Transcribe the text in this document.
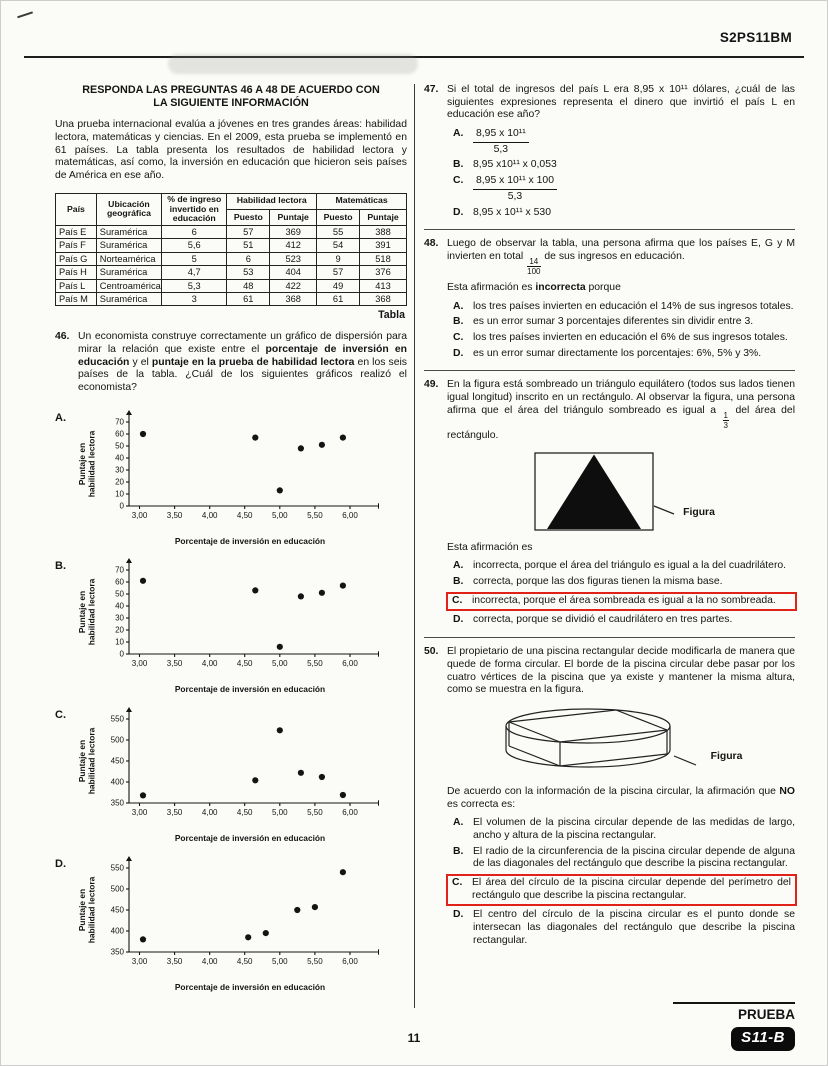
S2PS11BM
RESPONDA LAS PREGUNTAS 46 A 48 DE ACUERDO CON
LA SIGUIENTE INFORMACIÓN

Una prueba internacional evalúa a jóvenes en tres grandes áreas: habilidad lectora, matemáticas y ciencias. En el 2009, esta prueba se implementó en 61 países. La tabla presenta los resultados de habilidad lectora y matemáticas, así como, la inversión en educación que hicieron seis países de América en ese año.

País	Ubicación geográfica	% de ingreso invertido en educación	Habilidad lectora		Matemáticas	
			Puesto	Puntaje	Puesto	Puntaje
País E	Suramérica	6	57	369	55	388
País F	Suramérica	5,6	51	412	54	391
País G	Norteamérica	5	6	523	9	518
País H	Suramérica	4,7	53	404	57	376
País L	Centroamérica	5,3	48	422	49	413
País M	Suramérica	3	61	368	61	368
Tabla
46. Un economista construye correctamente un gráfico de dispersión para mirar la relación que existe entre el porcentaje de inversión en educación y el puntaje en la prueba de habilidad lectora en los seis países de la tabla. ¿Cuál de los siguientes gráficos realizó el economista?

A.
0
10
20
30
40
50
60
70
3,00 3,50 4,00 4,50 5,00 5,50 6,00
Porcentaje de inversión en educación
Puntaje enhabilidad lectora
B.
0
10
20
30
40
50
60
70
3,00 3,50 4,00 4,50 5,00 5,50 6,00
Porcentaje de inversión en educación
Puntaje enhabilidad lectora
C.
350
400
450
500
550
3,00 3,50 4,00 4,50 5,00 5,50 6,00
Porcentaje de inversión en educación
Puntaje enhabilidad lectora
D.
350
400
450
500
550
3,00 3,50 4,00 4,50 5,00 5,50 6,00
Porcentaje de inversión en educación
Puntaje enhabilidad lectora
47. Si el total de ingresos del país L era 8,95 x 10¹¹ dólares, ¿cuál de las siguientes expresiones representa el dinero que invirtió el país L en educación ese año?

A. $\frac{\text{8,95 x 10¹¹}}{5,3}$
B. 8,95 x10¹¹ x 0,053
C. $\frac{\text{8,95 x 10¹¹ x 100}}{5,3}$
D. 8,95 x 10¹¹ x 530
48. Luego de observar la tabla, una persona afirma que los países E, G y M invierten en total
$\frac{14}{100}$
de sus ingresos en educación.

Esta afirmación es incorrecta porque

A. los tres países invierten en educación el 14% de sus ingresos totales.
B. es un error sumar 3 porcentajes diferentes sin dividir entre 3.
C. los tres países invierten en educación el 6% de sus ingresos totales.
D. es un error sumar directamente los porcentajes: 6%, 5% y 3%.
49. En la figura está sombreado un triángulo equilátero (todos sus lados tienen igual longitud) inscrito en un rectángulo. Al observar la figura, una persona afirma que el área del triángulo sombreado es igual a
$\frac{1}{3}$
del área del rectángulo.

Figura

Esta afirmación es

A. incorrecta, porque el área del triángulo es igual a la del cuadrilátero.
B. correcta, porque las dos figuras tienen la misma base.
C. incorrecta, porque el área sombreada es igual a la no sombreada.
D. correcta, porque se dividió el caudrilátero en tres partes.
50. El propietario de una piscina rectangular decide modificarla de manera que quede de forma circular. El borde de la piscina circular debe pasar por los cuatro vértices de la piscina que ya existe y mantener la misma altura, como se muestra en la figura.

Figura

De acuerdo con la información de la piscina circular, la afirmación que NO es correcta es:

A. El volumen de la piscina circular depende de las medidas de largo, ancho y altura de la piscina rectangular.
B. El radio de la circunferencia de la piscina circular depende de alguna de las diagonales del rectángulo que describe la piscina rectangular.
C. El área del círculo de la piscina circular depende del perímetro del rectángulo que describe la piscina rectangular.
D. El centro del círculo de la piscina circular es el punto donde se intersecan las diagonales del rectángulo que describe la piscina rectangular.
11
PRUEBA
S11-B
